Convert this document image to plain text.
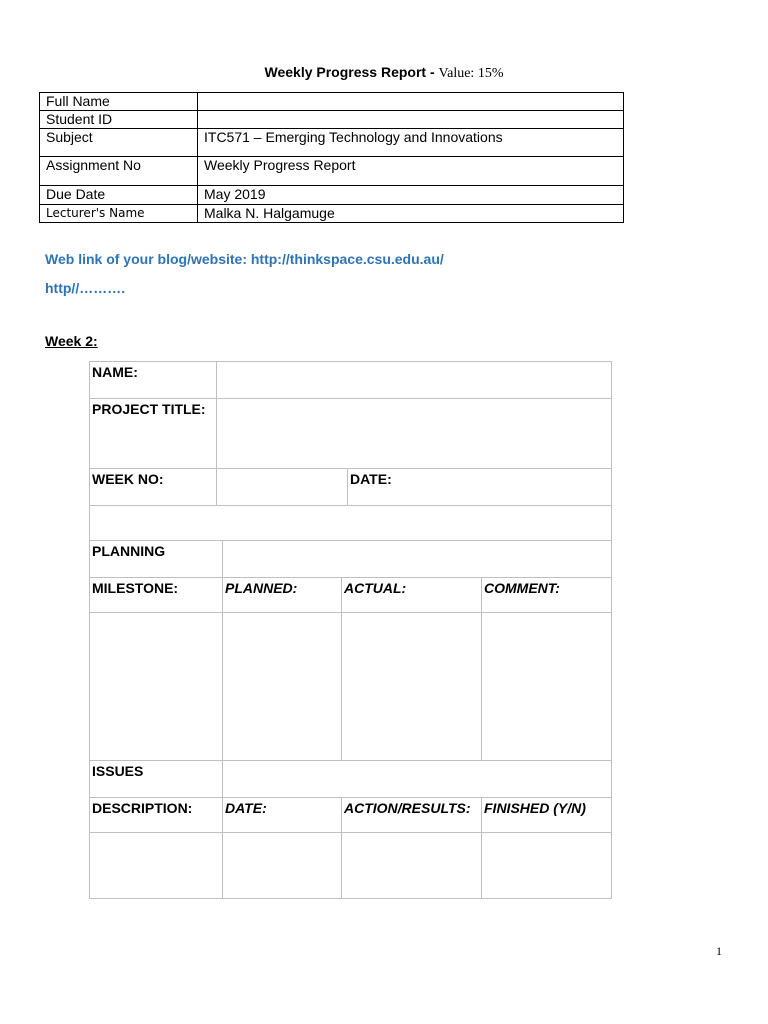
Weekly Progress Report - Value: 15%
Full Name	
Student ID	
Subject	ITC571 – Emerging Technology and Innovations
Assignment No	Weekly Progress Report
Due Date	May 2019
Lecturer's Name	Malka N. Halgamuge
Web link of your blog/website: http://thinkspace.csu.edu.au/
http//……….
Week 2:
NAME:					
PROJECT TITLE:					
WEEK NO:				DATE:	

PLANNING					
MILESTONE:		PLANNED:	ACTUAL:		COMMENT:

ISSUES					
DESCRIPTION:		DATE:	ACTION/RESULTS:		FINISHED (Y/N)

1
